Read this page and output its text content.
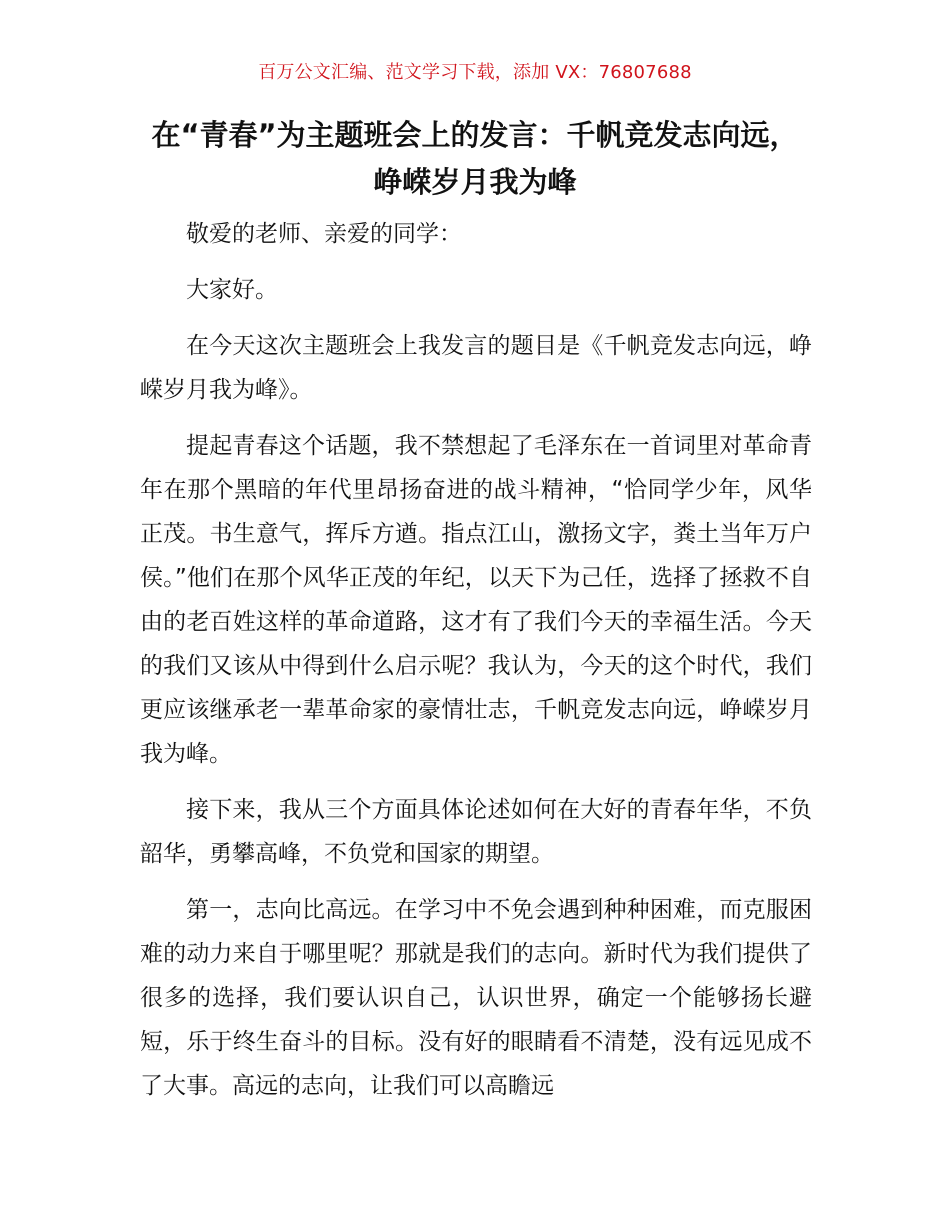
百万公文汇编、范文学习下载，添加 VX：76807688
在“青春”为主题班会上的发言：千帆竞发志向远，峥嵘岁月我为峰

敬爱的老师、亲爱的同学：

大家好。

在今天这次主题班会上我发言的题目是《千帆竞发志向远，峥嵘岁月我为峰》。

提起青春这个话题，我不禁想起了毛泽东在一首词里对革命青年在那个黑暗的年代里昂扬奋进的战斗精神，“恰同学少年，风华正茂。书生意气，挥斥方遒。指点江山，激扬文字，粪土当年万户侯。”他们在那个风华正茂的年纪，以天下为己任，选择了拯救不自由的老百姓这样的革命道路，这才有了我们今天的幸福生活。今天的我们又该从中得到什么启示呢？我认为，今天的这个时代，我们更应该继承老一辈革命家的豪情壮志，千帆竞发志向远，峥嵘岁月我为峰。

接下来，我从三个方面具体论述如何在大好的青春年华，不负韶华，勇攀高峰，不负党和国家的期望。

第一，志向比高远。在学习中不免会遇到种种困难，而克服困难的动力来自于哪里呢？那就是我们的志向。新时代为我们提供了很多的选择，我们要认识自己，认识世界，确定一个能够扬长避短，乐于终生奋斗的目标。没有好的眼睛看不清楚，没有远见成不了大事。高远的志向，让我们可以高瞻远
